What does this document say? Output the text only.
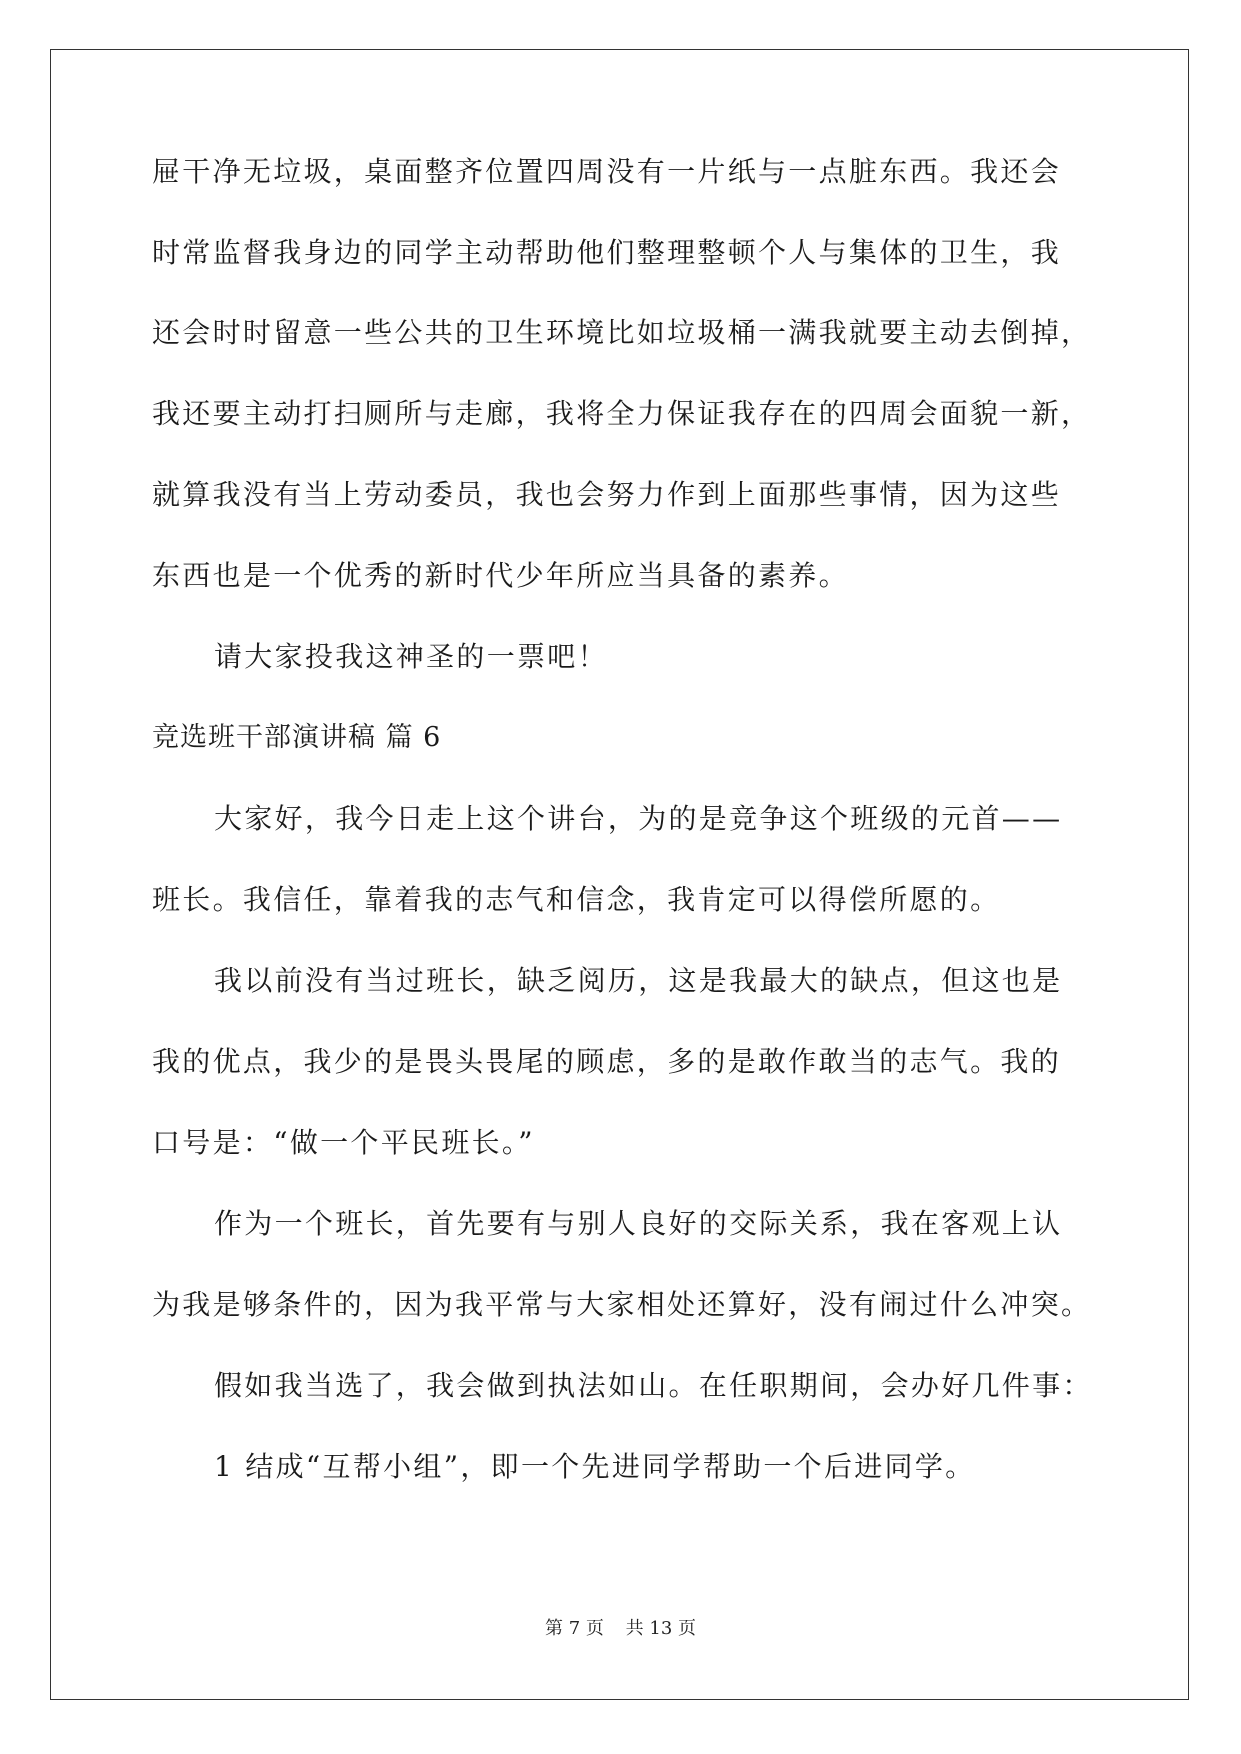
屉干净无垃圾，桌面整齐位置四周没有一片纸与一点脏东西。我还会
时常监督我身边的同学主动帮助他们整理整顿个人与集体的卫生，我
还会时时留意一些公共的卫生环境比如垃圾桶一满我就要主动去倒掉，
我还要主动打扫厕所与走廊，我将全力保证我存在的四周会面貌一新，
就算我没有当上劳动委员，我也会努力作到上面那些事情，因为这些
东西也是一个优秀的新时代少年所应当具备的素养。
请大家投我这神圣的一票吧！
竞选班干部演讲稿 篇 6
大家好，我今日走上这个讲台，为的是竞争这个班级的元首——
班长。我信任，靠着我的志气和信念，我肯定可以得偿所愿的。
我以前没有当过班长，缺乏阅历，这是我最大的缺点，但这也是
我的优点，我少的是畏头畏尾的顾虑，多的是敢作敢当的志气。我的
口号是：“做一个平民班长。”
作为一个班长，首先要有与别人良好的交际关系，我在客观上认
为我是够条件的，因为我平常与大家相处还算好，没有闹过什么冲突。
假如我当选了，我会做到执法如山。在任职期间，会办好几件事：
1 结成“互帮小组”，即一个先进同学帮助一个后进同学。
第 7 页 共 13 页
